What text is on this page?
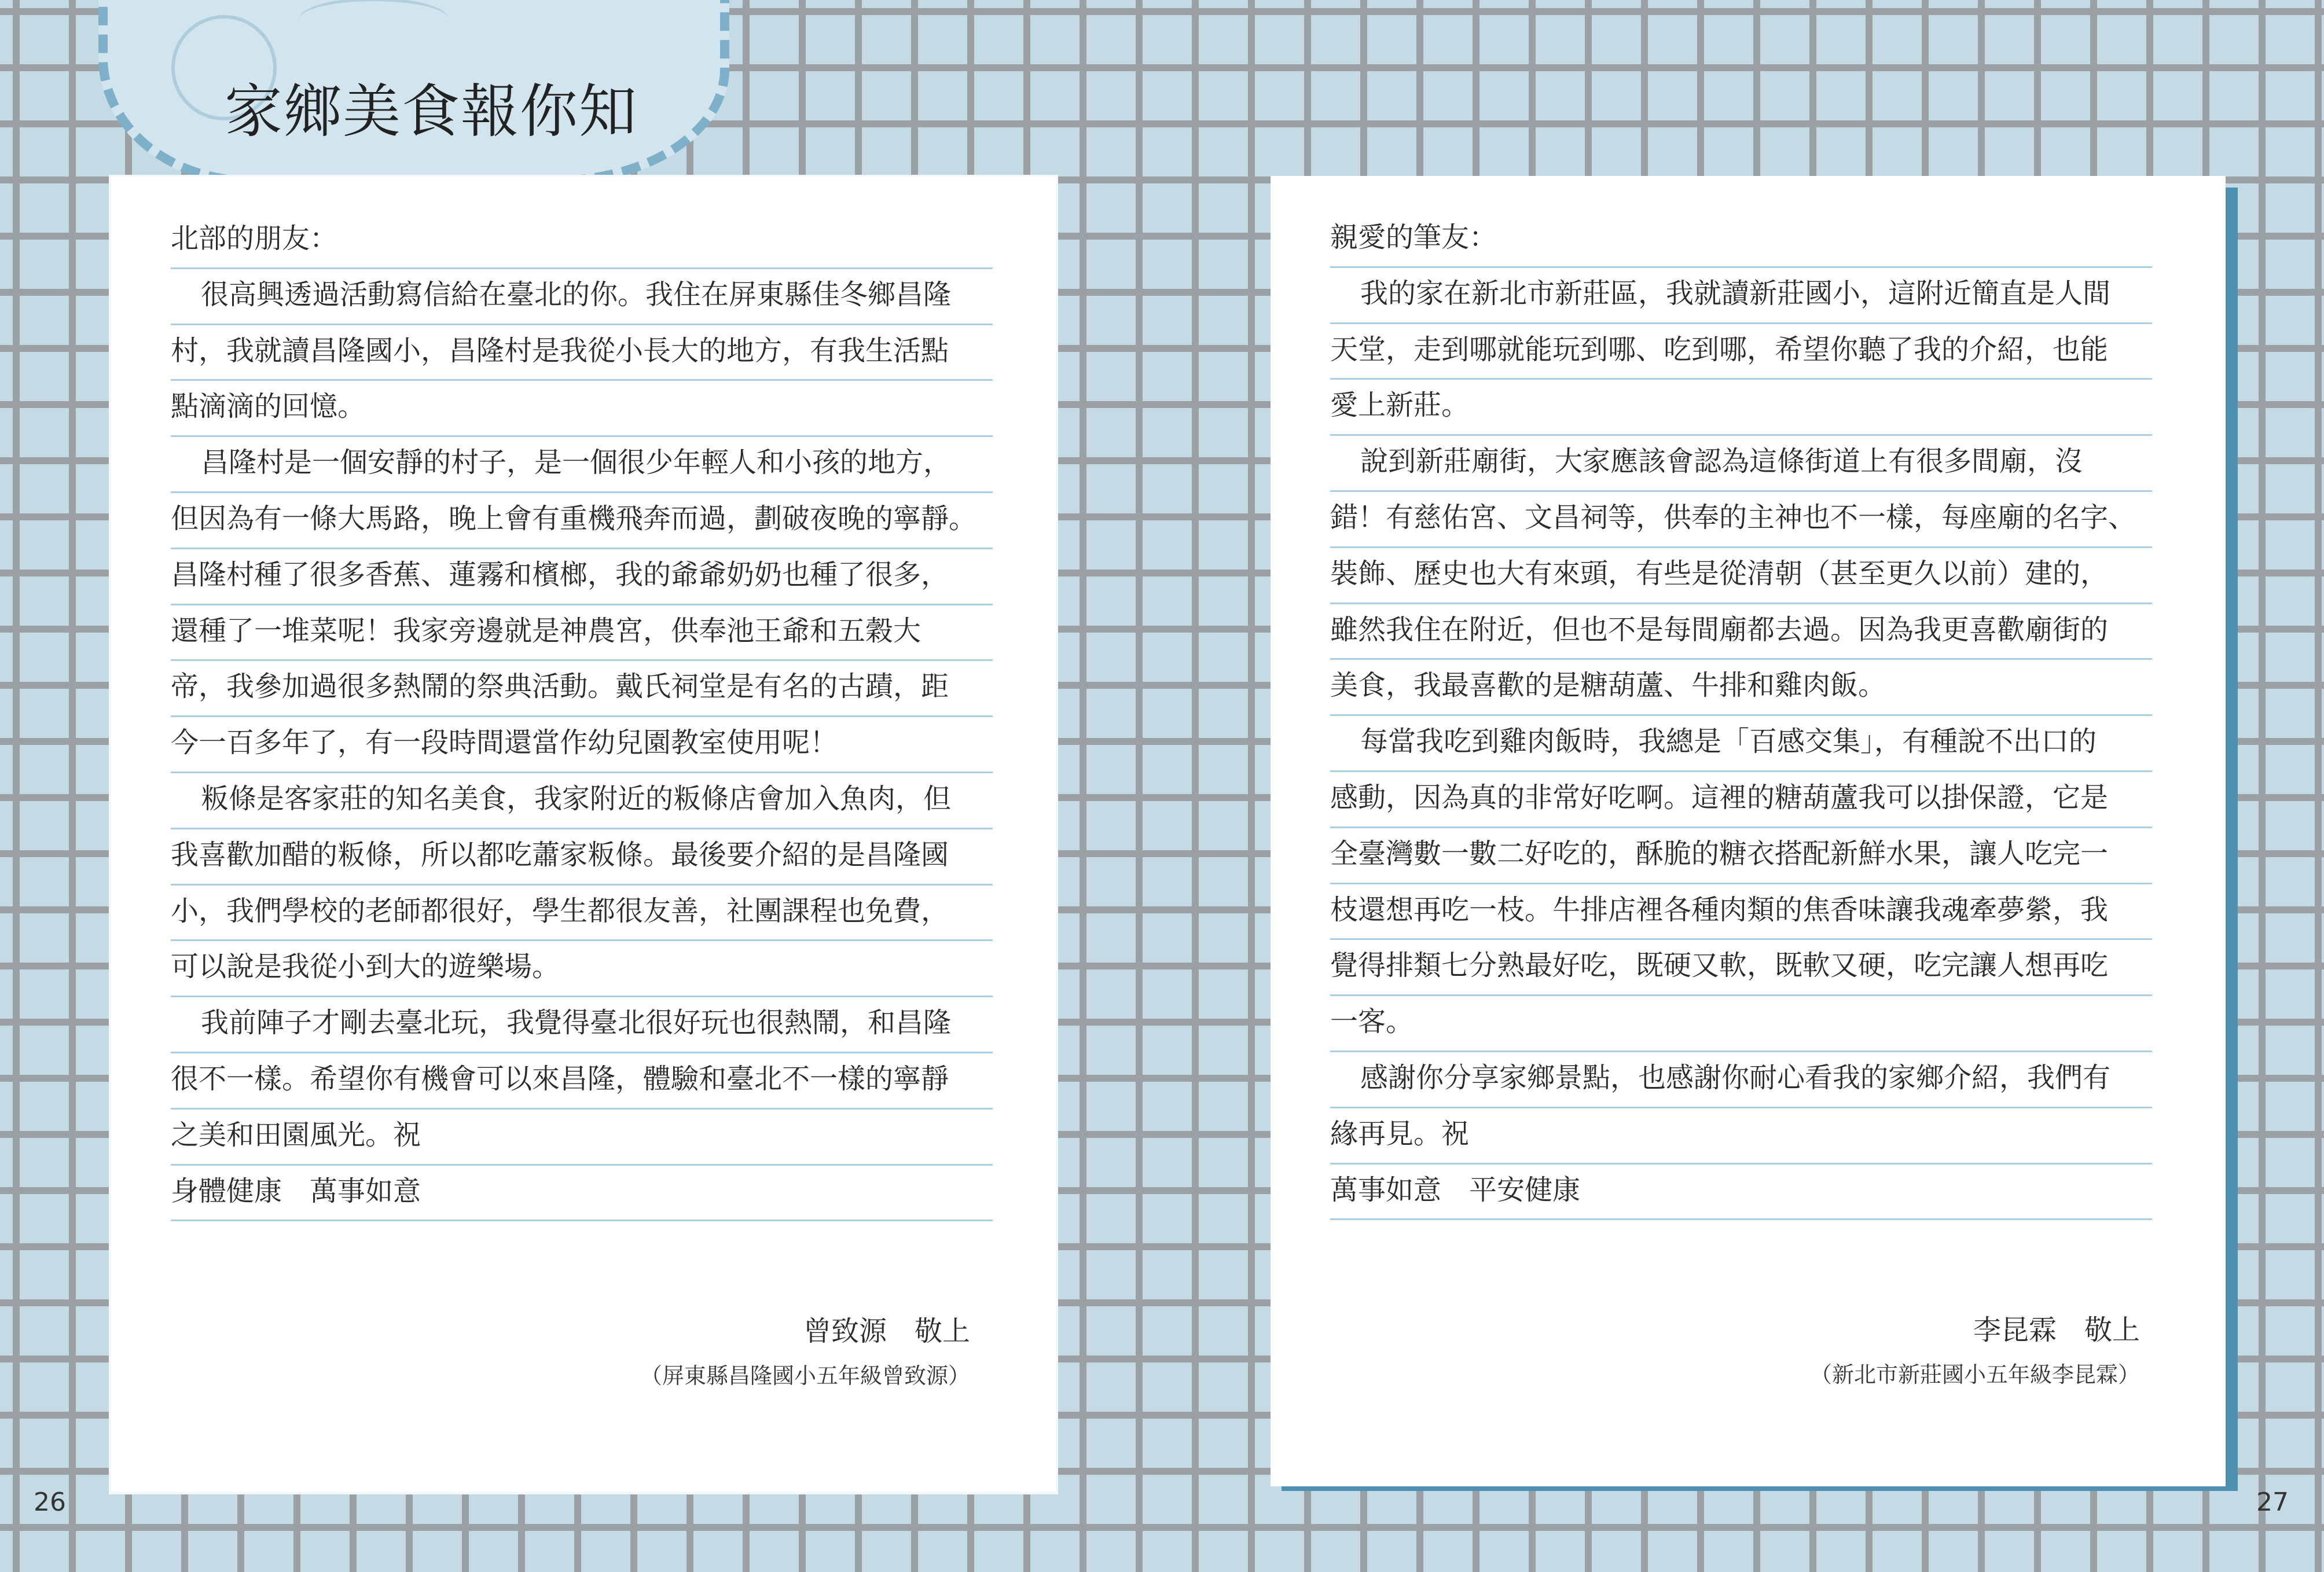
家鄉美食報你知
北部的朋友：
很高興透過活動寫信給在臺北的你。我住在屏東縣佳冬鄉昌隆
村，我就讀昌隆國小，昌隆村是我從小長大的地方，有我生活點
點滴滴的回憶。
昌隆村是一個安靜的村子，是一個很少年輕人和小孩的地方，
但因為有一條大馬路，晚上會有重機飛奔而過，劃破夜晚的寧靜。
昌隆村種了很多香蕉、蓮霧和檳榔，我的爺爺奶奶也種了很多，
還種了一堆菜呢！我家旁邊就是神農宮，供奉池王爺和五穀大
帝，我參加過很多熱鬧的祭典活動。戴氏祠堂是有名的古蹟，距
今一百多年了，有一段時間還當作幼兒園教室使用呢！
粄條是客家莊的知名美食，我家附近的粄條店會加入魚肉，但
我喜歡加醋的粄條，所以都吃蕭家粄條。最後要介紹的是昌隆國
小，我們學校的老師都很好，學生都很友善，社團課程也免費，
可以說是我從小到大的遊樂場。
我前陣子才剛去臺北玩，我覺得臺北很好玩也很熱鬧，和昌隆
很不一樣。希望你有機會可以來昌隆，體驗和臺北不一樣的寧靜
之美和田園風光。祝
身體健康　萬事如意
曾致源　敬上
（屏東縣昌隆國小五年級曾致源）
親愛的筆友：
我的家在新北市新莊區，我就讀新莊國小，這附近簡直是人間
天堂，走到哪就能玩到哪、吃到哪，希望你聽了我的介紹，也能
愛上新莊。
說到新莊廟街，大家應該會認為這條街道上有很多間廟，沒
錯！有慈佑宮、文昌祠等，供奉的主神也不一樣，每座廟的名字、
裝飾、歷史也大有來頭，有些是從清朝（甚至更久以前）建的，
雖然我住在附近，但也不是每間廟都去過。因為我更喜歡廟街的
美食，我最喜歡的是糖葫蘆、牛排和雞肉飯。
每當我吃到雞肉飯時，我總是「百感交集」，有種說不出口的
感動，因為真的非常好吃啊。這裡的糖葫蘆我可以掛保證，它是
全臺灣數一數二好吃的，酥脆的糖衣搭配新鮮水果，讓人吃完一
枝還想再吃一枝。牛排店裡各種肉類的焦香味讓我魂牽夢縈，我
覺得排類七分熟最好吃，既硬又軟，既軟又硬，吃完讓人想再吃
一客。
感謝你分享家鄉景點，也感謝你耐心看我的家鄉介紹，我們有
緣再見。祝
萬事如意　平安健康
李昆霖　敬上
（新北市新莊國小五年級李昆霖）
26	27
